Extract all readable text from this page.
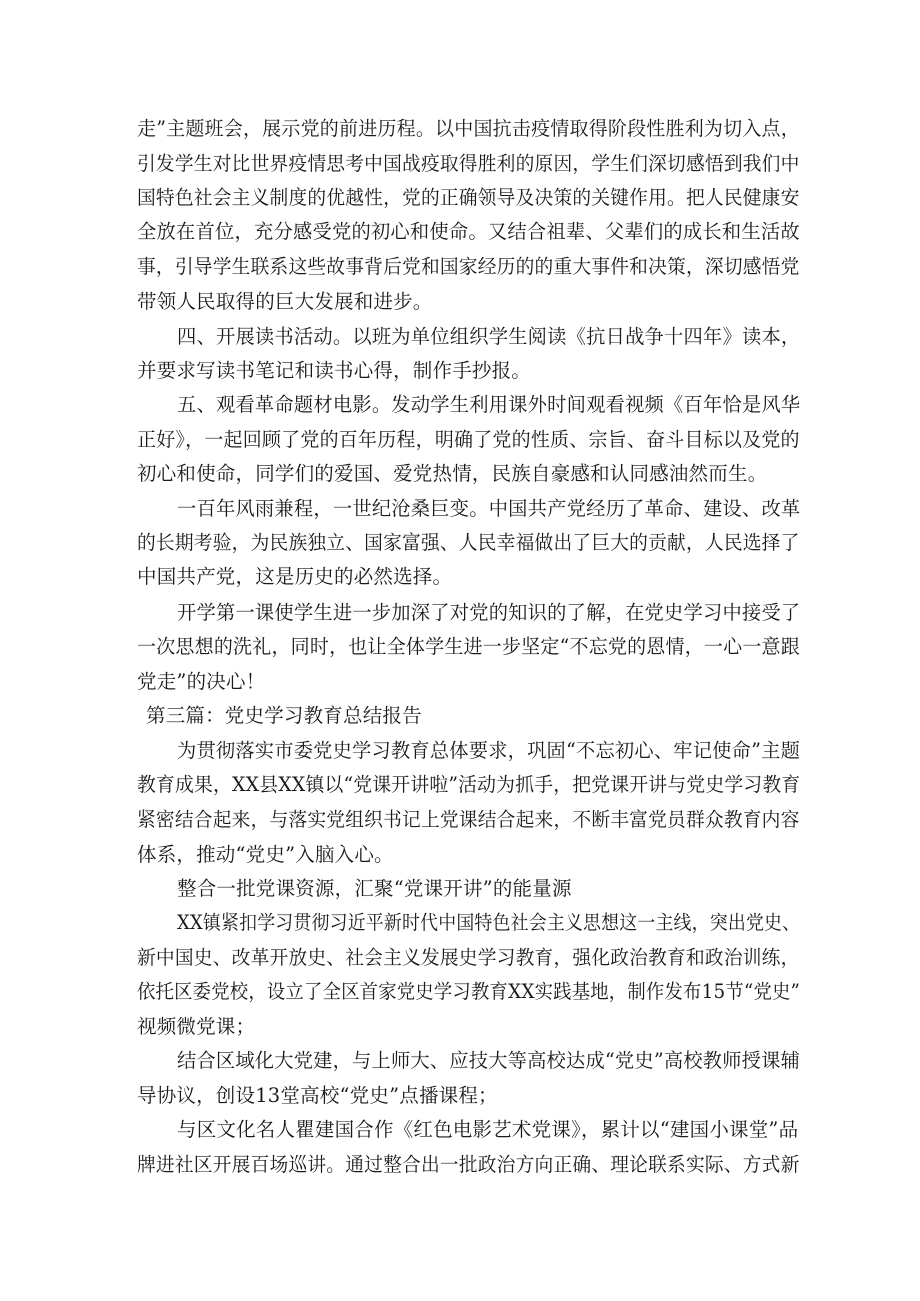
走”主题班会，展示党的前进历程。以中国抗击疫情取得阶段性胜利为切入点，
引发学生对比世界疫情思考中国战疫取得胜利的原因，学生们深切感悟到我们中
国特色社会主义制度的优越性，党的正确领导及决策的关键作用。把人民健康安
全放在首位，充分感受党的初心和使命。又结合祖辈、父辈们的成长和生活故
事，引导学生联系这些故事背后党和国家经历的的重大事件和决策，深切感悟党
带领人民取得的巨大发展和进步。
四、开展读书活动。以班为单位组织学生阅读《抗日战争十四年》读本，
并要求写读书笔记和读书心得，制作手抄报。
五、观看革命题材电影。发动学生利用课外时间观看视频《百年恰是风华
正好》，一起回顾了党的百年历程，明确了党的性质、宗旨、奋斗目标以及党的
初心和使命，同学们的爱国、爱党热情，民族自豪感和认同感油然而生。
一百年风雨兼程，一世纪沧桑巨变。中国共产党经历了革命、建设、改革
的长期考验，为民族独立、国家富强、人民幸福做出了巨大的贡献，人民选择了
中国共产党，这是历史的必然选择。
开学第一课使学生进一步加深了对党的知识的了解，在党史学习中接受了
一次思想的洗礼，同时，也让全体学生进一步坚定“不忘党的恩情，一心一意跟
党走”的决心！
第三篇：党史学习教育总结报告
为贯彻落实市委党史学习教育总体要求，巩固“不忘初心、牢记使命”主题
教育成果，XX县XX镇以“党课开讲啦”活动为抓手，把党课开讲与党史学习教育
紧密结合起来，与落实党组织书记上党课结合起来，不断丰富党员群众教育内容
体系，推动“党史”入脑入心。
整合一批党课资源，汇聚“党课开讲”的能量源
XX镇紧扣学习贯彻习近平新时代中国特色社会主义思想这一主线，突出党史、
新中国史、改革开放史、社会主义发展史学习教育，强化政治教育和政治训练，
依托区委党校，设立了全区首家党史学习教育XX实践基地，制作发布15节“党史”
视频微党课；
结合区域化大党建，与上师大、应技大等高校达成“党史”高校教师授课辅
导协议，创设13堂高校“党史”点播课程；
与区文化名人瞿建国合作《红色电影艺术党课》，累计以“建国小课堂”品
牌进社区开展百场巡讲。通过整合出一批政治方向正确、理论联系实际、方式新
